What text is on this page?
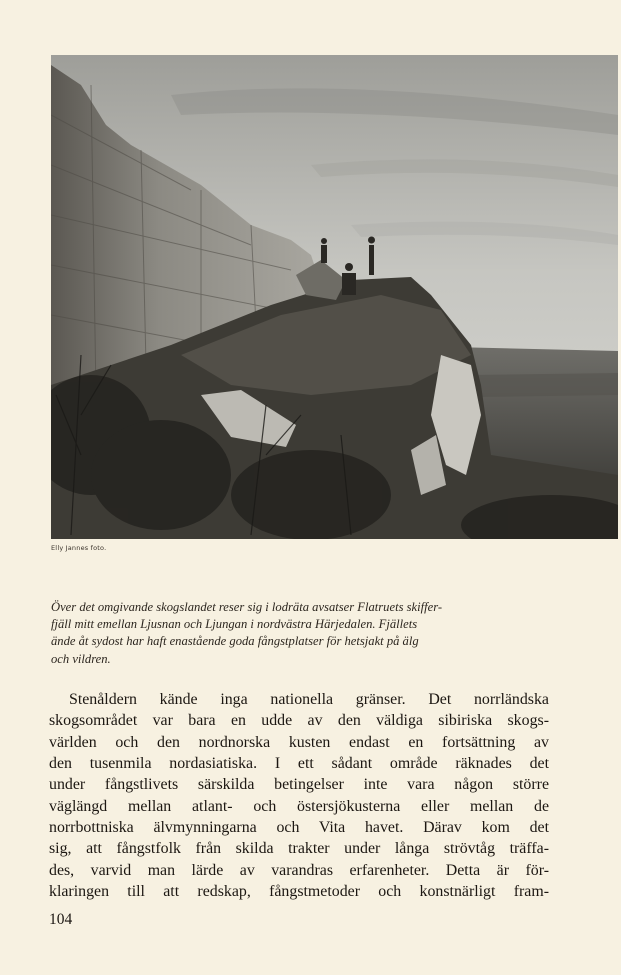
Elly Jannes foto.
Över det omgivande skogslandet reser sig i lodräta avsatser Flatruets skiffer-
fjäll mitt emellan Ljusnan och Ljungan i nordvästra Härjedalen. Fjällets
ände åt sydost har haft enastående goda fångstplatser för hetsjakt på älg
och vildren.
Stenåldern kände inga nationella gränser. Det norrländska
skogsområdet var bara en udde av den väldiga sibiriska skogs-
världen och den nordnorska kusten endast en fortsättning av
den tusenmila nordasiatiska. I ett sådant område räknades det
under fångstlivets särskilda betingelser inte vara någon större
väglängd mellan atlant- och östersjökusterna eller mellan de
norrbottniska älvmynningarna och Vita havet. Därav kom det
sig, att fångstfolk från skilda trakter under långa strövtåg träffa-
des, varvid man lärde av varandras erfarenheter. Detta är för-
klaringen till att redskap, fångstmetoder och konstnärligt fram-
104
